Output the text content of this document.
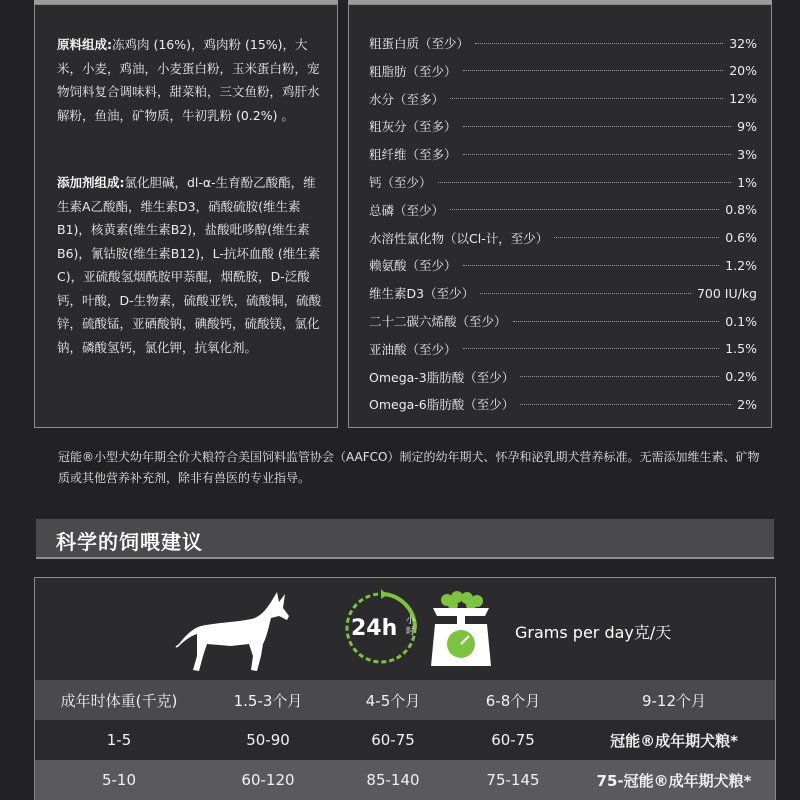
原料组成:冻鸡肉 (16%)，鸡肉粉 (15%)，大米，小麦，鸡油，小麦蛋白粉，玉米蛋白粉，宠物饲料复合调味料，甜菜粕，三文鱼粉，鸡肝水解粉，鱼油，矿物质，牛初乳粉 (0.2%) 。
添加剂组成:氯化胆碱，dl-α-生育酚乙酸酯，维生素A乙酸酯，维生素D3，硝酸硫胺(维生素B1)，核黄素(维生素B2)，盐酸吡哆醇(维生素B6)，氰钴胺(维生素B12)，L-抗坏血酸 (维生素C)，亚硫酸氢烟酰胺甲萘醌，烟酰胺，D-泛酸钙，叶酸，D-生物素，硫酸亚铁，硫酸铜，硫酸锌，硫酸锰，亚硒酸钠，碘酸钙，硫酸镁，氯化钠，磷酸氢钙，氯化钾，抗氧化剂。
粗蛋白质（至少）	32%
粗脂肪（至少）	20%
水分（至多）	12%
粗灰分（至多）	9%
粗纤维（至多）	3%
钙（至少）	1%
总磷（至少）	0.8%
水溶性氯化物（以Cl-计，至少）	0.6%
赖氨酸（至少）	1.2%
维生素D3（至少）	700 IU/kg
二十二碳六烯酸（至少）	0.1%
亚油酸（至少）	1.5%
Omega-3脂肪酸（至少）	0.2%
Omega-6脂肪酸（至少）	2%
冠能®小型犬幼年期全价犬粮符合美国饲料监管协会（AAFCO）制定的幼年期犬、怀孕和泌乳期犬营养标准。无需添加维生素、矿物质或其他营养补充剂，除非有兽医的专业指导。
科学的饲喂建议
24h 小时	Grams per day克/天
成年时体重(千克)	1.5-3个月	4-5个月	6-8个月	9-12个月
1-5	50-90	60-75	60-75	冠能®成年期犬粮*
5-10	60-120	85-140	75-145	75-冠能®成年期犬粮*
